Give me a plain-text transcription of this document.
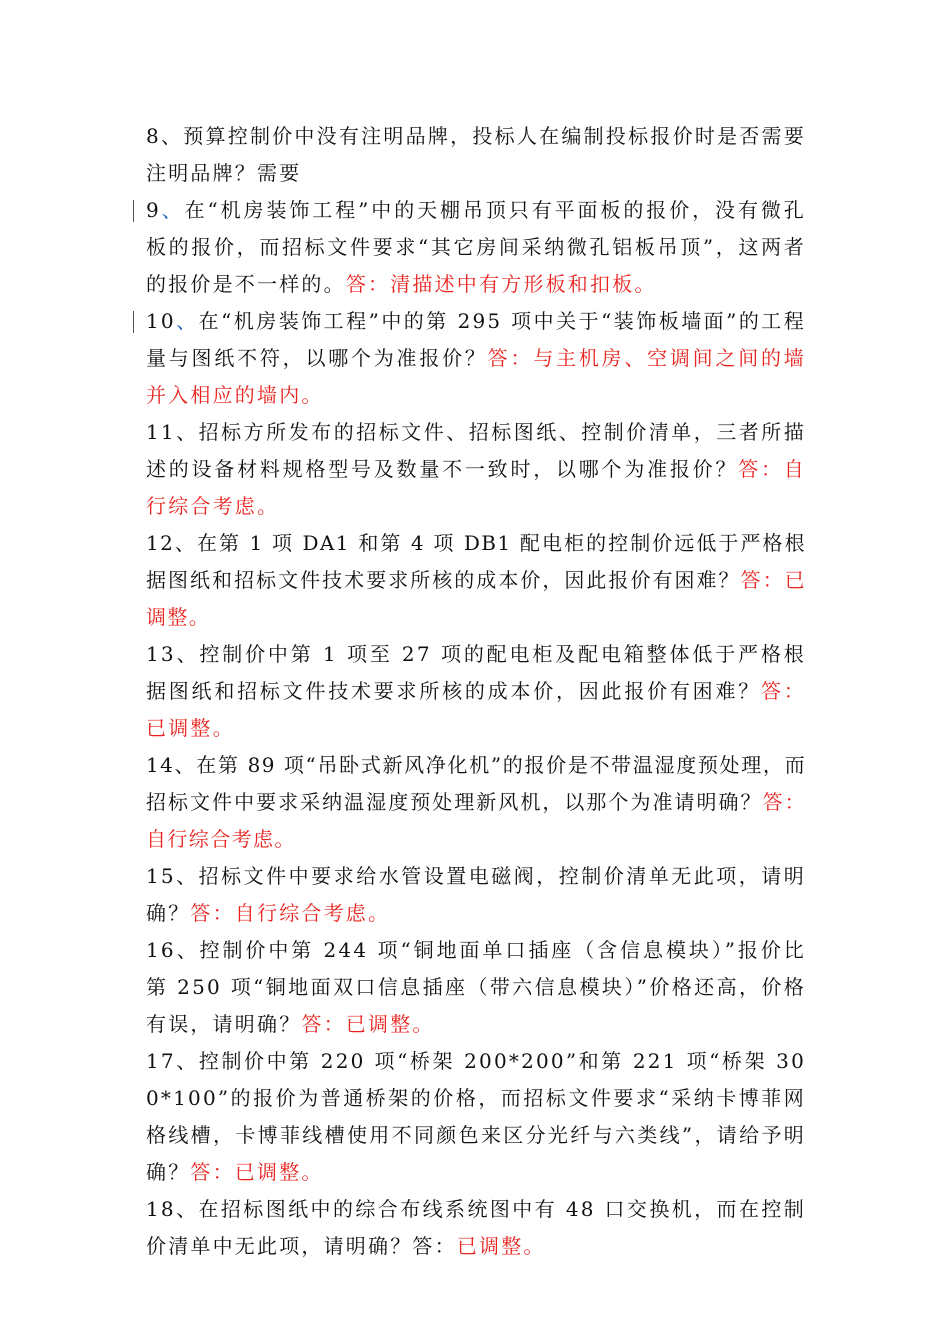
8、预算控制价中没有注明品牌，投标人在编制投标报价时是否需要注明品牌？需要

9、在“机房装饰工程”中的天棚吊顶只有平面板的报价，没有微孔板的报价，而招标文件要求“其它房间采纳微孔铝板吊顶”，这两者的报价是不一样的。答：清描述中有方形板和扣板。

10、在“机房装饰工程”中的第 295 项中关于“装饰板墙面”的工程量与图纸不符，以哪个为准报价？答：与主机房、空调间之间的墙并入相应的墙内。

11、招标方所发布的招标文件、招标图纸、控制价清单，三者所描述的设备材料规格型号及数量不一致时，以哪个为准报价？答：自行综合考虑。

12、在第 1 项 DA1 和第 4 项 DB1 配电柜的控制价远低于严格根据图纸和招标文件技术要求所核的成本价，因此报价有困难？答：已调整。

13、控制价中第 1 项至 27 项的配电柜及配电箱整体低于严格根据图纸和招标文件技术要求所核的成本价，因此报价有困难？答：已调整。

14、在第 89 项“吊卧式新风净化机”的报价是不带温湿度预处理，而招标文件中要求采纳温湿度预处理新风机，以那个为准请明确？答：自行综合考虑。

15、招标文件中要求给水管设置电磁阀，控制价清单无此项，请明确？答：自行综合考虑。

16、控制价中第 244 项“铜地面单口插座（含信息模块）”报价比第 250 项“铜地面双口信息插座（带六信息模块）”价格还高，价格有误，请明确？答：已调整。

17、控制价中第 220 项“桥架 200*200”和第 221 项“桥架 300*100”的报价为普通桥架的价格，而招标文件要求“采纳卡博菲网格线槽，卡博菲线槽使用不同颜色来区分光纤与六类线”，请给予明确？答：已调整。

18、在招标图纸中的综合布线系统图中有 48 口交换机，而在控制价清单中无此项，请明确？答：已调整。
